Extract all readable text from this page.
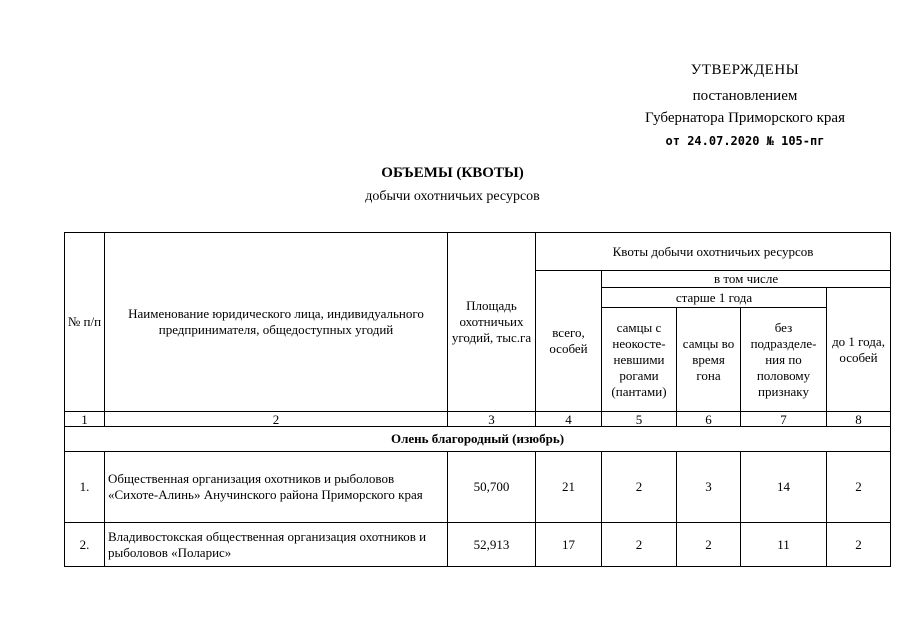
УТВЕРЖДЕНЫ
постановлением
Губернатора Приморского края
от 24.07.2020 № 105-пг
ОБЪЕМЫ (КВОТЫ)
добычи охотничьих ресурсов
№ п/п	Наименование юридического лица, индивидуального предпринимателя, общедоступных угодий	Площадь охотничьих угодий, тыс.га	Квоты добычи охотничьих ресурсов				
			всего, особей	в том числе			
				старше 1 года			до 1 года, особей
				самцы с неокосте-невшими рогами (пантами)	самцы во время гона	без подразделе-ния по половому признаку	
1	2	3	4	5	6	7	8
Олень благородный (изюбрь)							
1.	Общественная организация охотников и рыболовов «Сихоте-Алинь» Анучинского района Приморского края	50,700	21	2	3	14	2
2.	Владивостокская общественная организация охотников и рыболовов «Поларис»	52,913	17	2	2	11	2
